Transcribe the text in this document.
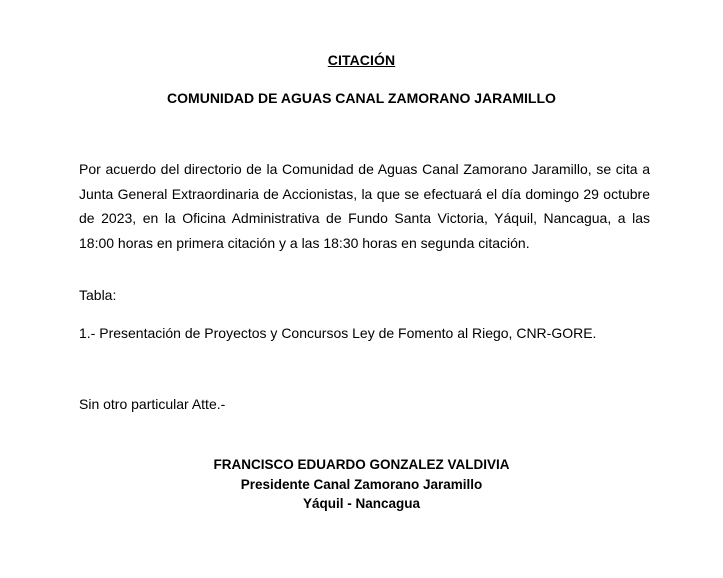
CITACIÓN
COMUNIDAD DE AGUAS CANAL ZAMORANO JARAMILLO
Por acuerdo del directorio de la Comunidad de Aguas Canal Zamorano Jaramillo, se cita a Junta General Extraordinaria de Accionistas, la que se efectuará el día domingo 29 octubre de 2023, en la Oficina Administrativa de Fundo Santa Victoria, Yáquil, Nancagua, a las 18:00 horas en primera citación y a las 18:30 horas en segunda citación.
Tabla:
1.- Presentación de Proyectos y Concursos Ley de Fomento al Riego, CNR-GORE.
Sin otro particular Atte.-
FRANCISCO EDUARDO GONZALEZ VALDIVIA
Presidente Canal Zamorano Jaramillo
Yáquil - Nancagua
